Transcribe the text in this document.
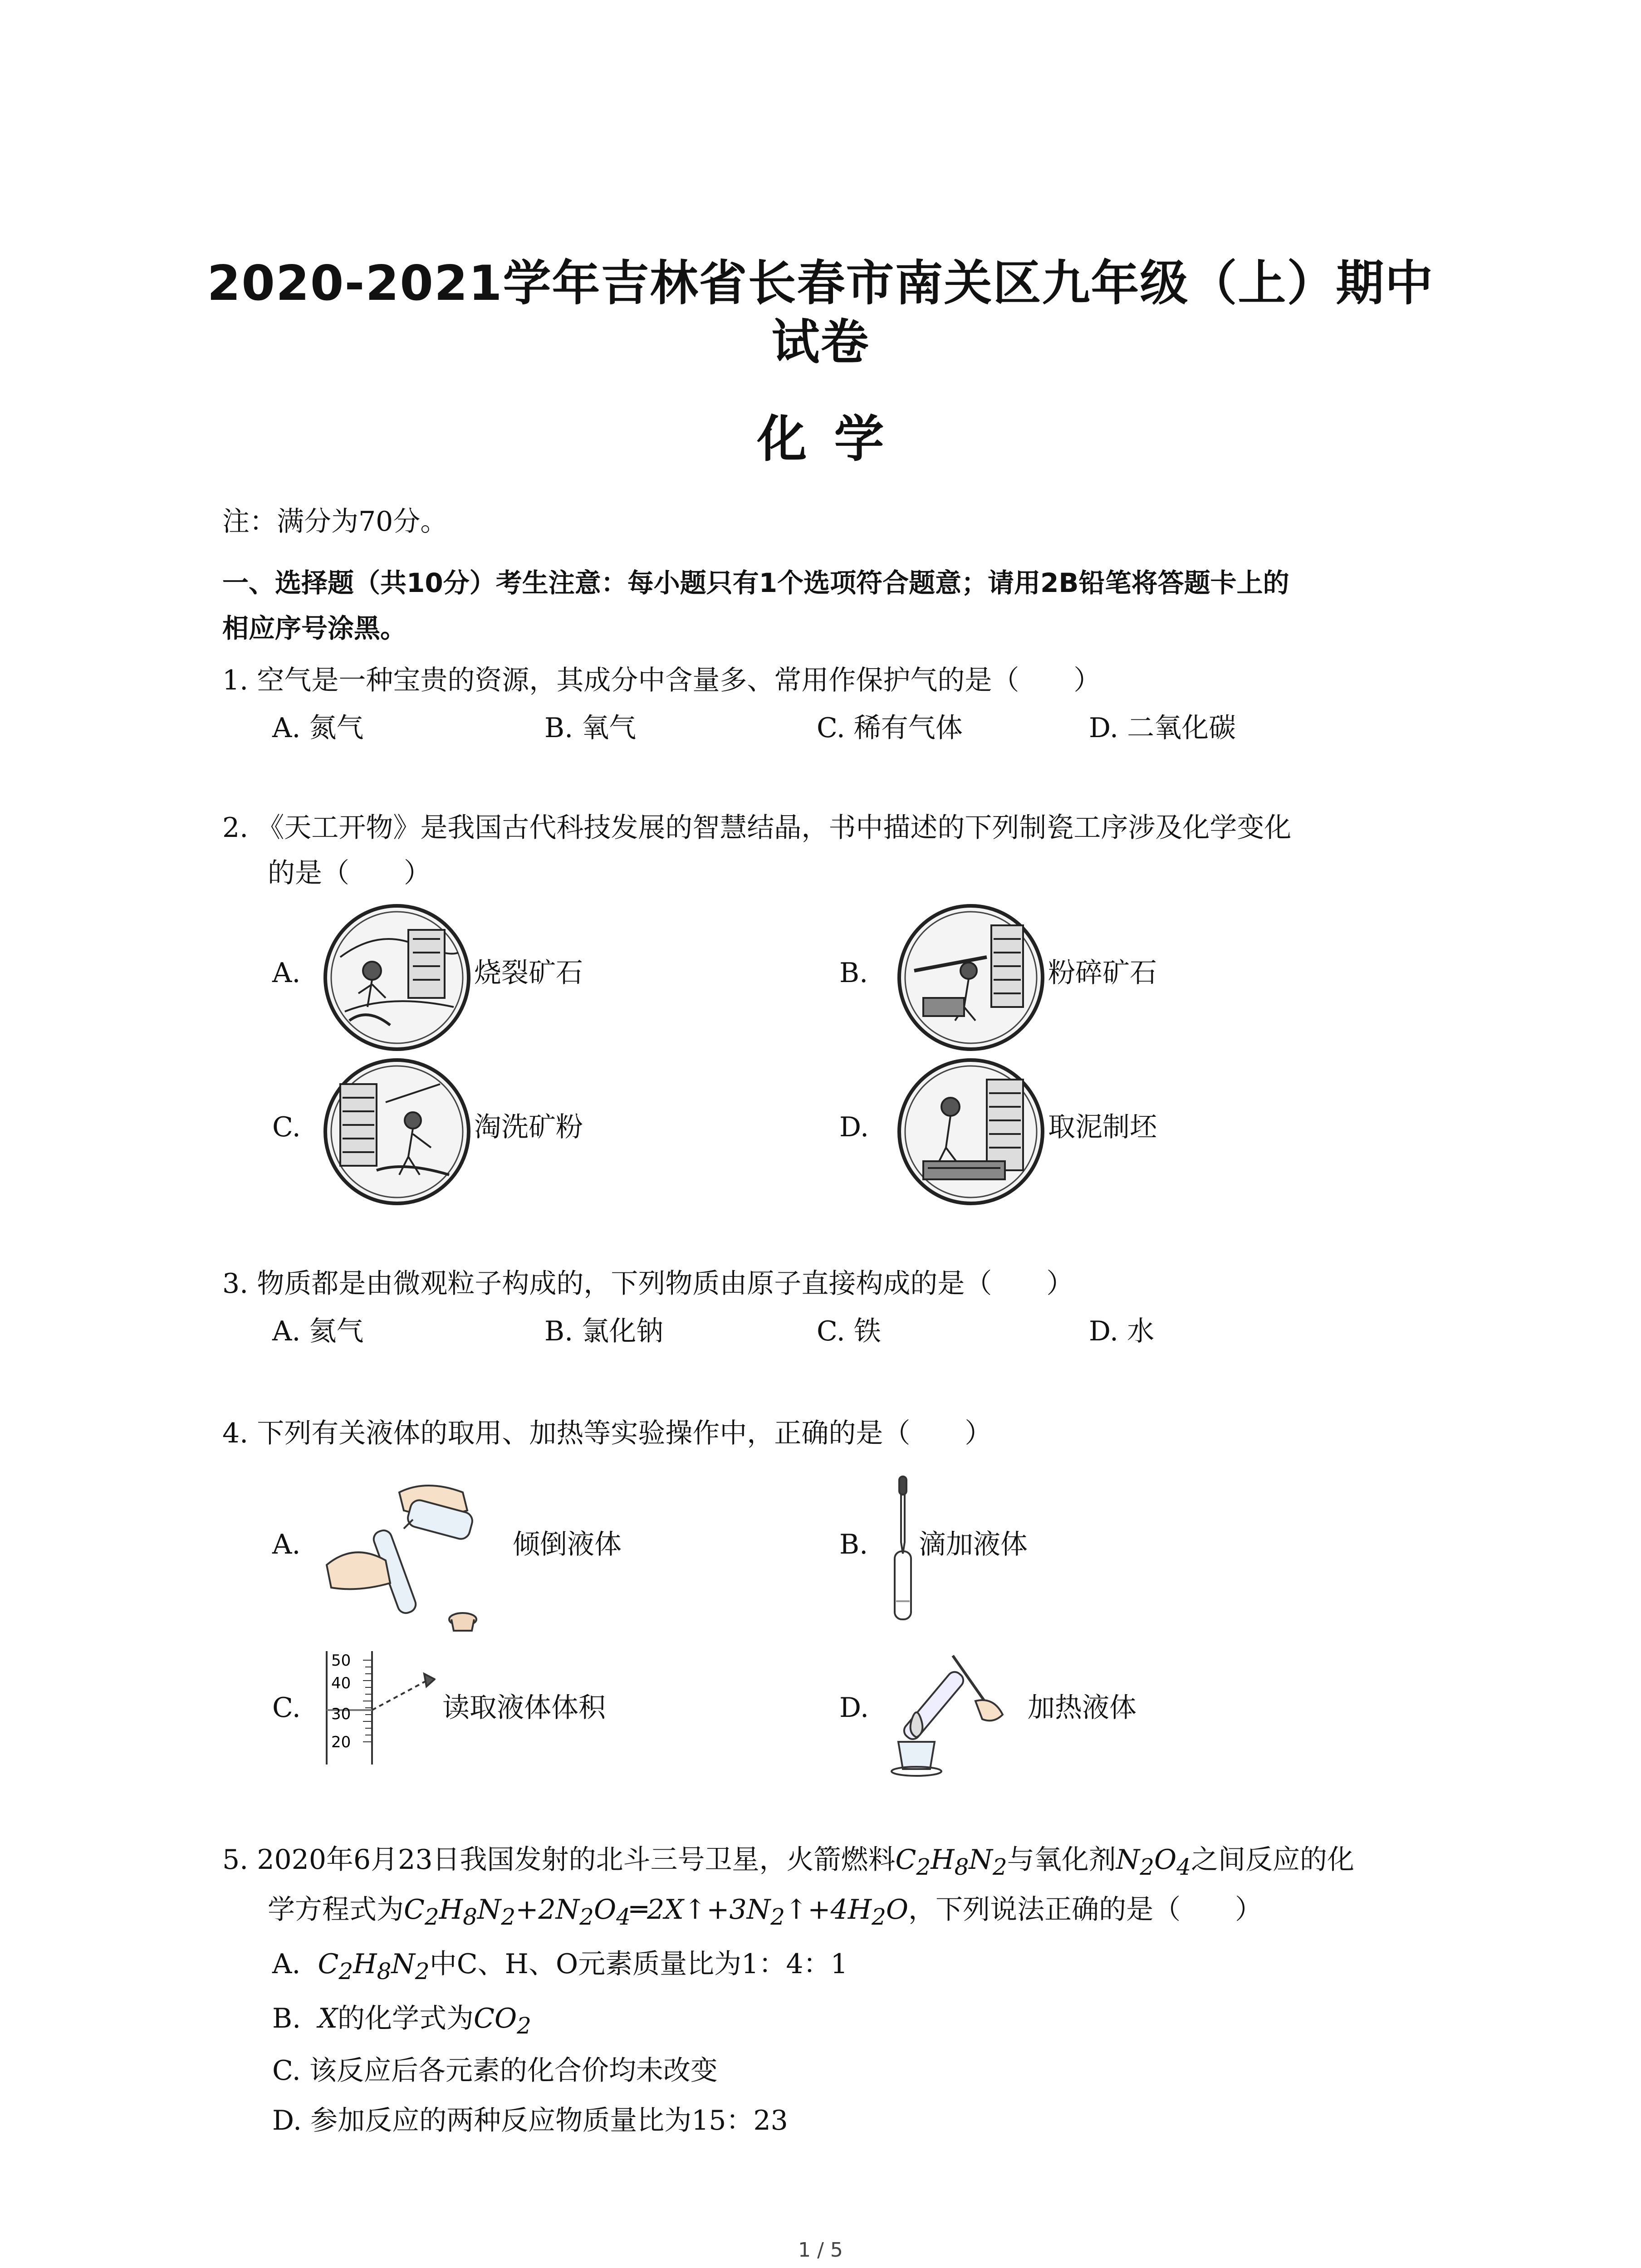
2020-2021学年吉林省长春市南关区九年级（上）期中
试卷
化学
注：满分为70分。
一、选择题（共10分）考生注意：每小题只有1个选项符合题意；请用2B铅笔将答题卡上的
相应序号涂黑。
1. 空气是一种宝贵的资源，其成分中含量多、常用作保护气的是（　　）
A. 氮气	B. 氧气	C. 稀有气体	D. 二氧化碳
2. 《天工开物》是我国古代科技发展的智慧结晶，书中描述的下列制瓷工序涉及化学变化
的是（　　）
A.	烧裂矿石	B.	粉碎矿石
C.	淘洗矿粉	D.	取泥制坯
3. 物质都是由微观粒子构成的，下列物质由原子直接构成的是（　　）
A. 氦气	B. 氯化钠	C. 铁	D. 水
4. 下列有关液体的取用、加热等实验操作中，正确的是（　　）
A.	倾倒液体	B. 滴加液体
C.
50
40
30
20
读取液体体积	D.	加热液体
5. 2020年6月23日我国发射的北斗三号卫星，火箭燃料$C_2H_8N_2$与氧化剂$N_2O_4$之间反应的化
学方程式为$C_2H_8N_2+2N_2O_4═2X↑+3N_2↑+4H_2O$，下列说法正确的是（　　）
A.  $C_2H_8N_2$中C、H、O元素质量比为1：4：1
B.  X的化学式为$CO_2$
C. 该反应后各元素的化合价均未改变
D. 参加反应的两种反应物质量比为15：23
1 / 5
